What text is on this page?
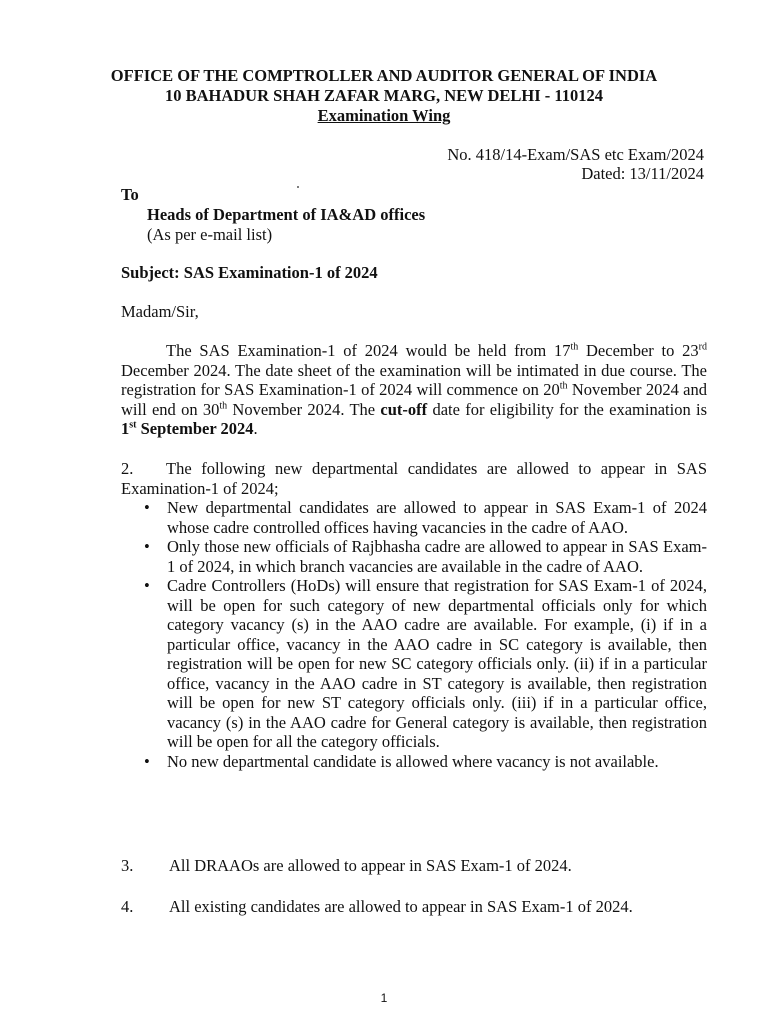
OFFICE OF THE COMPTROLLER AND AUDITOR GENERAL OF INDIA
10 BAHADUR SHAH ZAFAR MARG, NEW DELHI - 110124
Examination Wing
No. 418/14-Exam/SAS etc Exam/2024
Dated: 13/11/2024
To
Heads of Department of IA&AD offices
(As per e-mail list)
Subject: SAS Examination-1 of 2024
Madam/Sir,
The SAS Examination-1 of 2024 would be held from 17th December to 23rd December 2024. The date sheet of the examination will be intimated in due course. The registration for SAS Examination-1 of 2024 will commence on 20th November 2024 and will end on 30th November 2024. The cut-off date for eligibility for the examination is 1st September 2024.
2. The following new departmental candidates are allowed to appear in SAS Examination-1 of 2024;
• New departmental candidates are allowed to appear in SAS Exam-1 of 2024 whose cadre controlled offices having vacancies in the cadre of AAO.
• Only those new officials of Rajbhasha cadre are allowed to appear in SAS Exam-1 of 2024, in which branch vacancies are available in the cadre of AAO.
• Cadre Controllers (HoDs) will ensure that registration for SAS Exam-1 of 2024, will be open for such category of new departmental officials only for which category vacancy (s) in the AAO cadre are available. For example, (i) if in a particular office, vacancy in the AAO cadre in SC category is available, then registration will be open for new SC category officials only. (ii) if in a particular office, vacancy in the AAO cadre in ST category is available, then registration will be open for new ST category officials only. (iii) if in a particular office, vacancy (s) in the AAO cadre for General category is available, then registration will be open for all the category officials.
• No new departmental candidate is allowed where vacancy is not available.
3. All DRAAOs are allowed to appear in SAS Exam-1 of 2024.
4. All existing candidates are allowed to appear in SAS Exam-1 of 2024.
1
